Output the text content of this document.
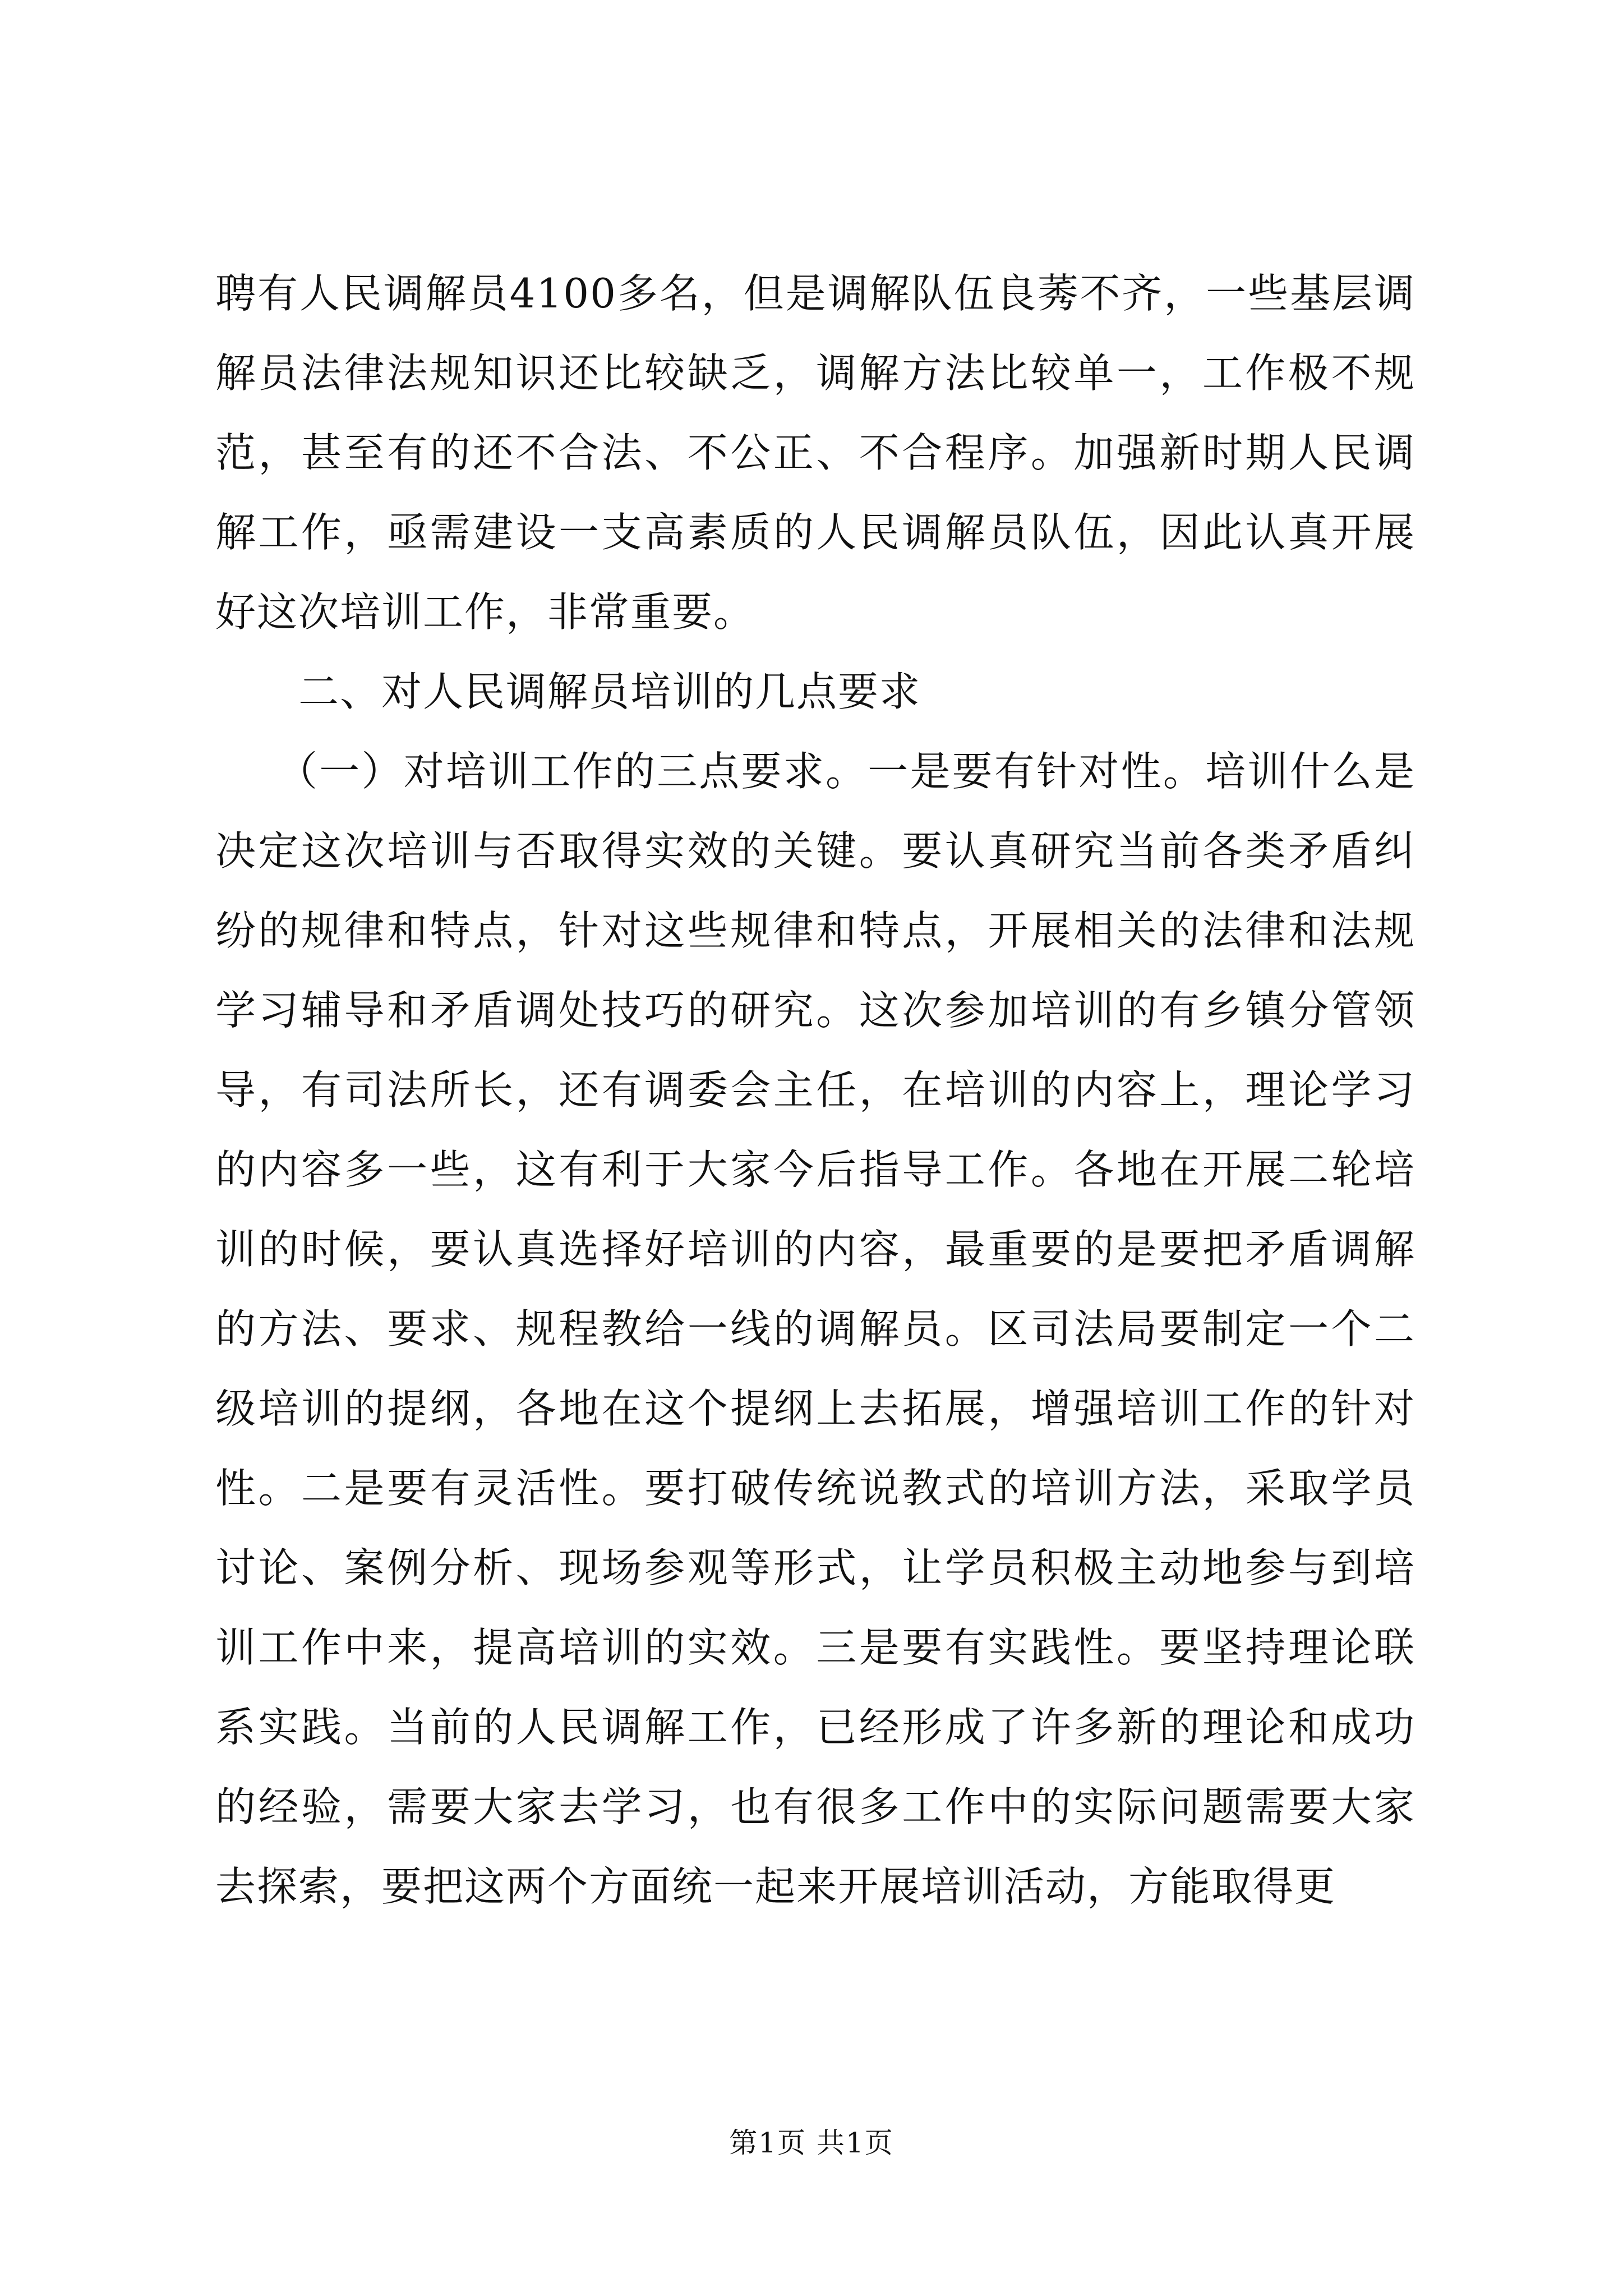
聘有人民调解员4100多名，但是调解队伍良莠不齐，一些基层调解员法律法规知识还比较缺乏，调解方法比较单一，工作极不规范，甚至有的还不合法、不公正、不合程序。加强新时期人民调解工作，亟需建设一支高素质的人民调解员队伍，因此认真开展好这次培训工作，非常重要。

二、对人民调解员培训的几点要求

（一）对培训工作的三点要求。一是要有针对性。培训什么是决定这次培训与否取得实效的关键。要认真研究当前各类矛盾纠纷的规律和特点，针对这些规律和特点，开展相关的法律和法规学习辅导和矛盾调处技巧的研究。这次参加培训的有乡镇分管领导，有司法所长，还有调委会主任，在培训的内容上，理论学习的内容多一些，这有利于大家今后指导工作。各地在开展二轮培训的时候，要认真选择好培训的内容，最重要的是要把矛盾调解的方法、要求、规程教给一线的调解员。区司法局要制定一个二级培训的提纲，各地在这个提纲上去拓展，增强培训工作的针对性。二是要有灵活性。要打破传统说教式的培训方法，采取学员讨论、案例分析、现场参观等形式，让学员积极主动地参与到培训工作中来，提高培训的实效。三是要有实践性。要坚持理论联系实践。当前的人民调解工作，已经形成了许多新的理论和成功的经验，需要大家去学习，也有很多工作中的实际问题需要大家去探索，要把这两个方面统一起来开展培训活动，方能取得更

第1页 共1页
